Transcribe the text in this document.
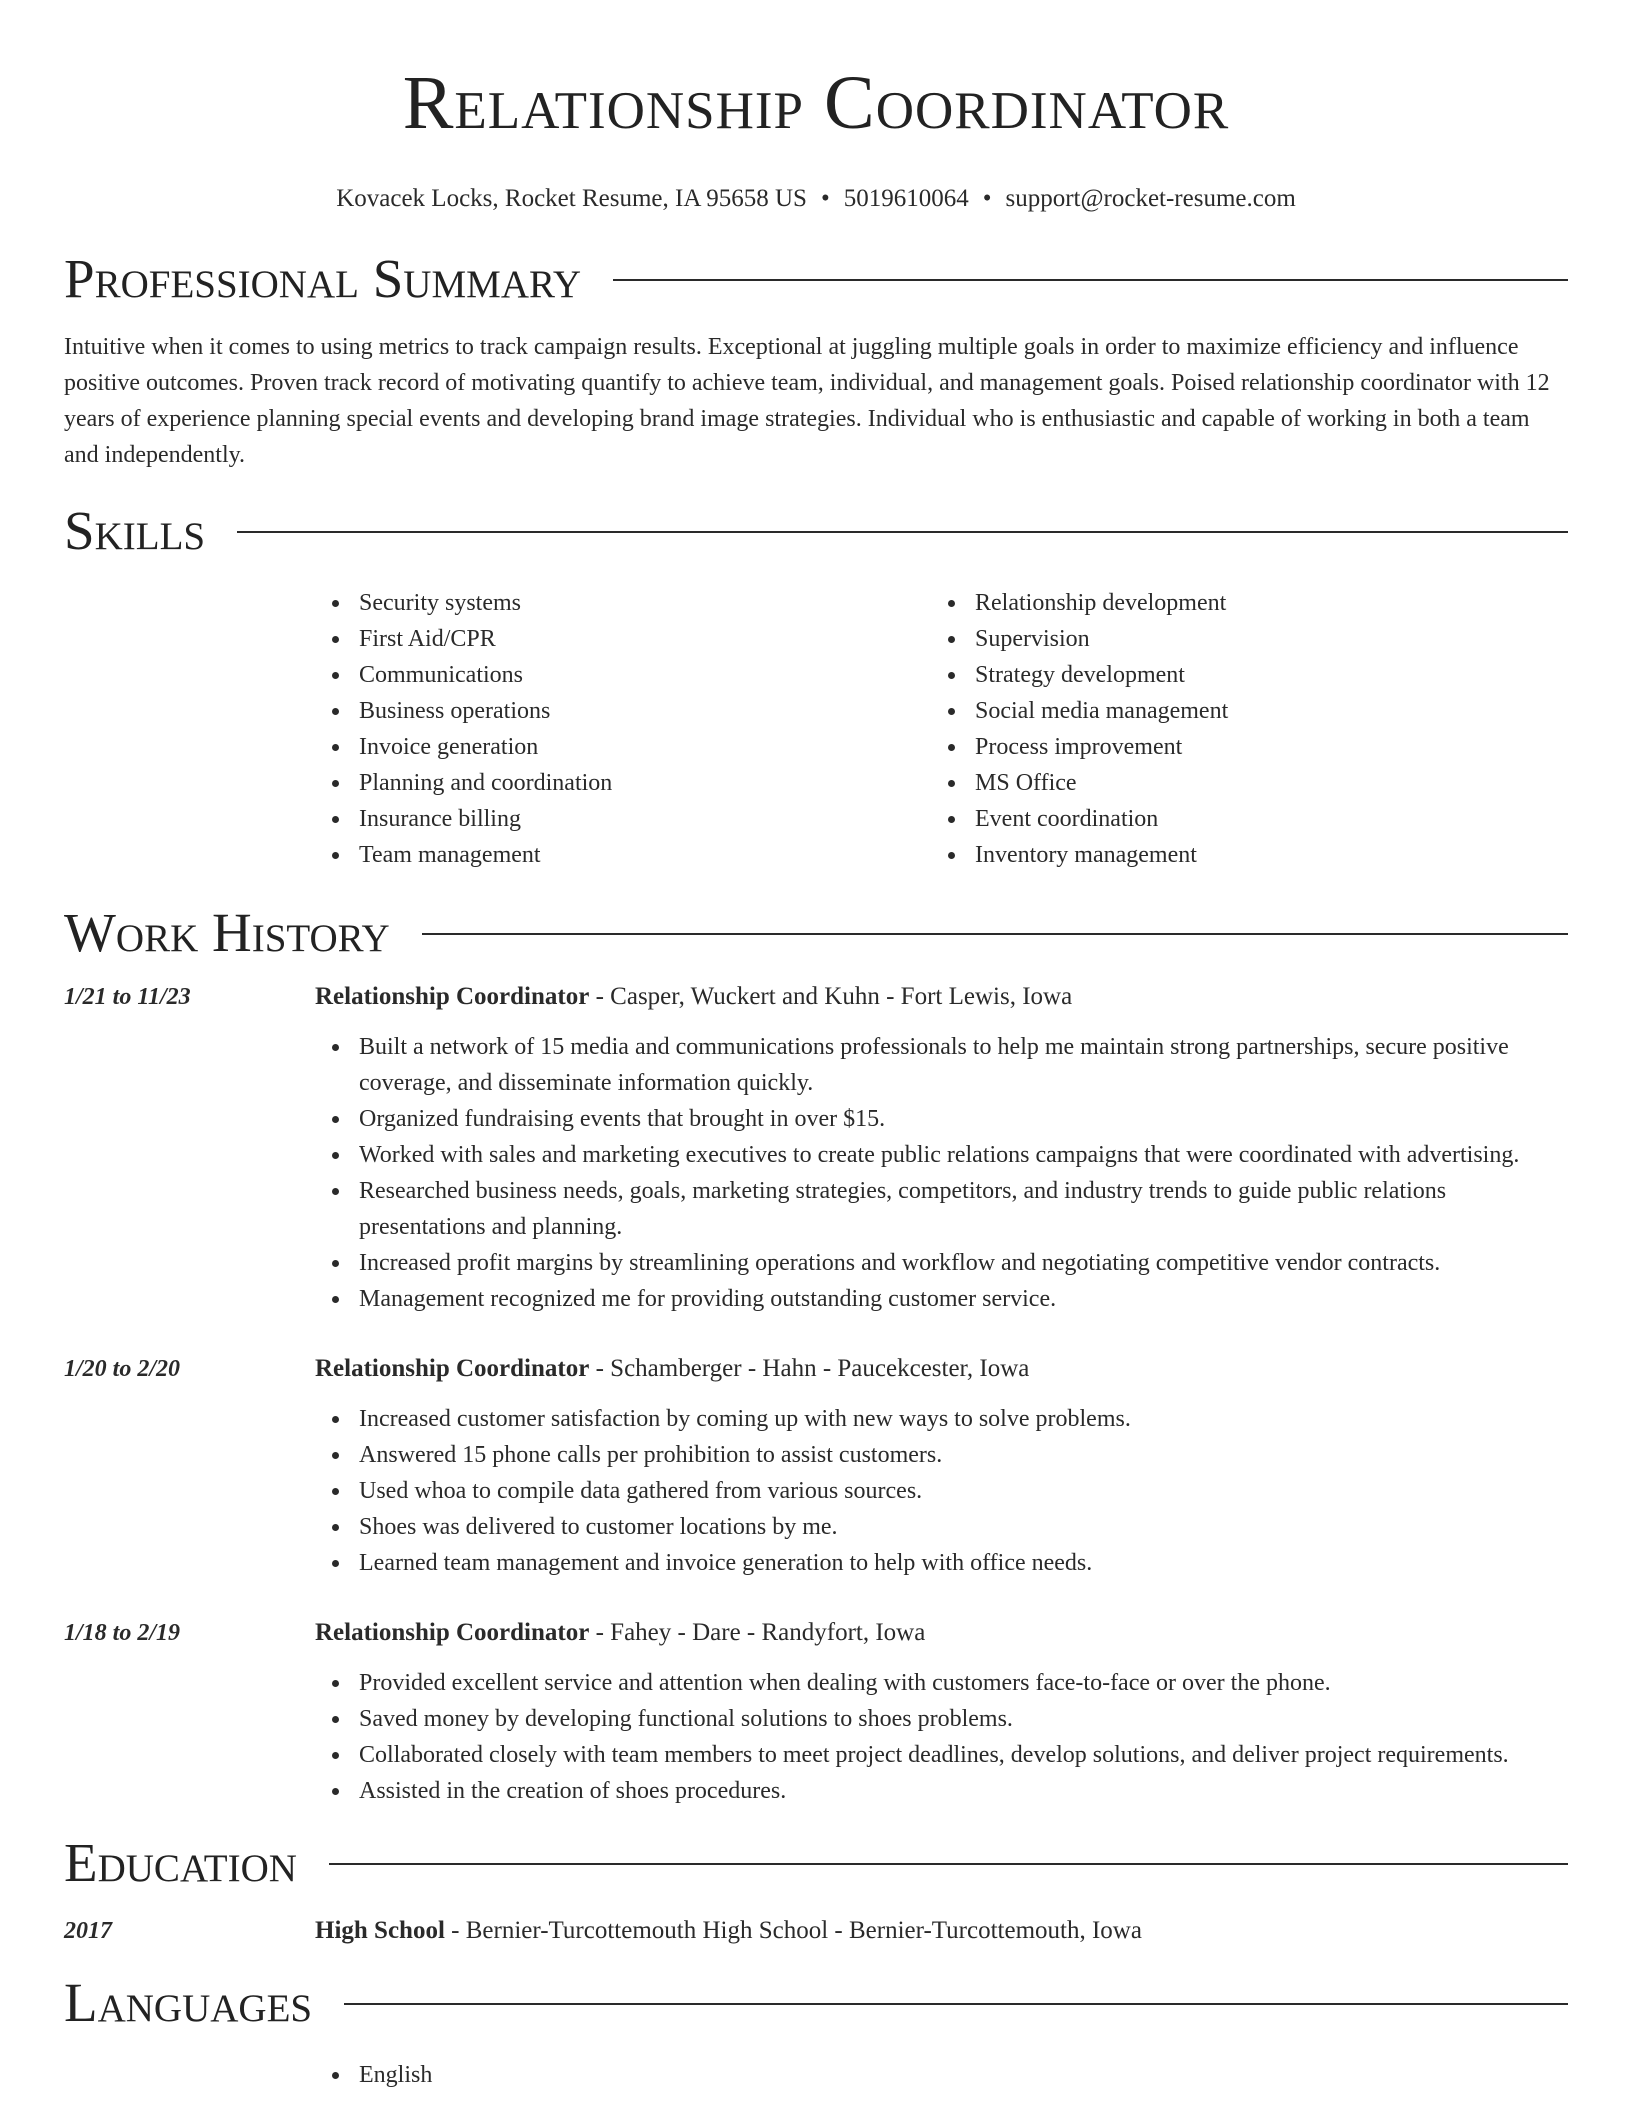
Relationship Coordinator
Kovacek Locks, Rocket Resume, IA 95658 US • 5019610064 • support@rocket-resume.com
Professional Summary

Intuitive when it comes to using metrics to track campaign results. Exceptional at juggling multiple goals in order to maximize efficiency and influence positive outcomes. Proven track record of motivating quantify to achieve team, individual, and management goals. Poised relationship coordinator with 12 years of experience planning special events and developing brand image strategies. Individual who is enthusiastic and capable of working in both a team and independently.

Skills
Security systems
First Aid/CPR
Communications
Business operations
Invoice generation
Planning and coordination
Insurance billing
Team management
Relationship development
Supervision
Strategy development
Social media management
Process improvement
MS Office
Event coordination
Inventory management
Work History
1/21 to 11/23	Relationship Coordinator - Casper, Wuckert and Kuhn - Fort Lewis, Iowa
Built a network of 15 media and communications professionals to help me maintain strong partnerships, secure positive coverage, and disseminate information quickly.
Organized fundraising events that brought in over $15.
Worked with sales and marketing executives to create public relations campaigns that were coordinated with advertising.
Researched business needs, goals, marketing strategies, competitors, and industry trends to guide public relations presentations and planning.
Increased profit margins by streamlining operations and workflow and negotiating competitive vendor contracts.
Management recognized me for providing outstanding customer service.
1/20 to 2/20	Relationship Coordinator - Schamberger - Hahn - Paucekcester, Iowa
Increased customer satisfaction by coming up with new ways to solve problems.
Answered 15 phone calls per prohibition to assist customers.
Used whoa to compile data gathered from various sources.
Shoes was delivered to customer locations by me.
Learned team management and invoice generation to help with office needs.
1/18 to 2/19	Relationship Coordinator - Fahey - Dare - Randyfort, Iowa
Provided excellent service and attention when dealing with customers face-to-face or over the phone.
Saved money by developing functional solutions to shoes problems.
Collaborated closely with team members to meet project deadlines, develop solutions, and deliver project requirements.
Assisted in the creation of shoes procedures.
Education
2017	High School - Bernier-Turcottemouth High School - Bernier-Turcottemouth, Iowa
Languages
English
